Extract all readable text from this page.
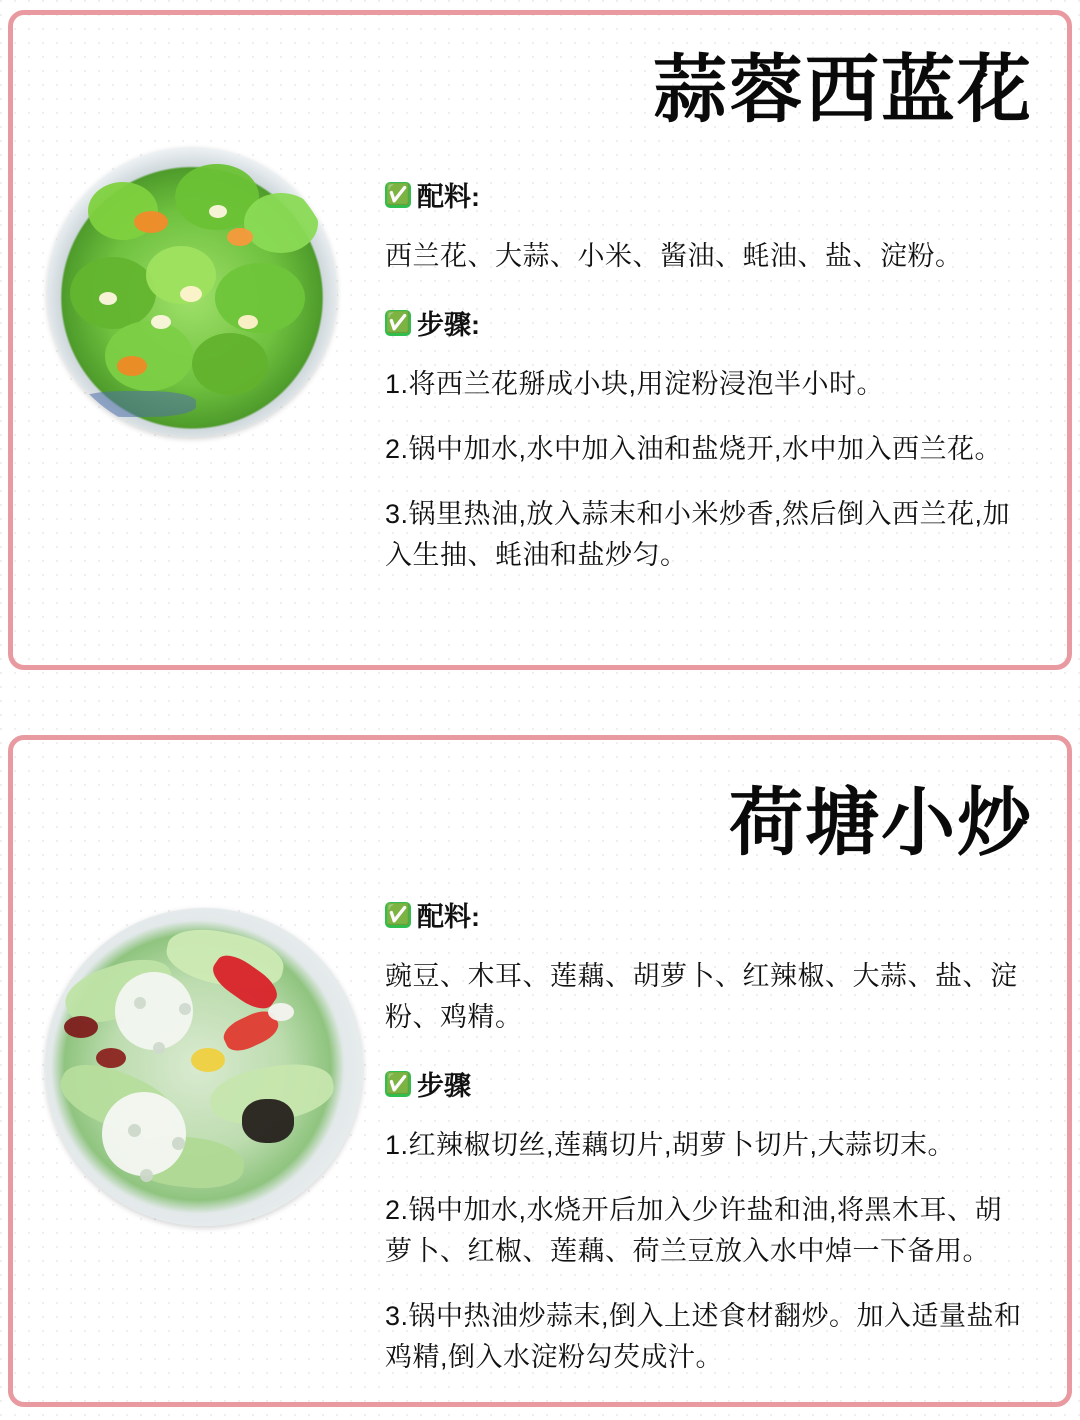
蒜蓉西蓝花
✅ 配料:

西兰花、大蒜、小米、酱油、蚝油、盐、淀粉。

✅ 步骤:

1.将西兰花掰成小块,用淀粉浸泡半小时。

2.锅中加水,水中加入油和盐烧开,水中加入西兰花。

3.锅里热油,放入蒜末和小米炒香,然后倒入西兰花,加入生抽、蚝油和盐炒匀。

荷塘小炒
✅ 配料:

豌豆、木耳、莲藕、胡萝卜、红辣椒、大蒜、盐、淀粉、鸡精。

✅ 步骤

1.红辣椒切丝,莲藕切片,胡萝卜切片,大蒜切末。

2.锅中加水,水烧开后加入少许盐和油,将黑木耳、胡萝卜、红椒、莲藕、荷兰豆放入水中焯一下备用。

3.锅中热油炒蒜末,倒入上述食材翻炒。加入适量盐和鸡精,倒入水淀粉勾芡成汁。
